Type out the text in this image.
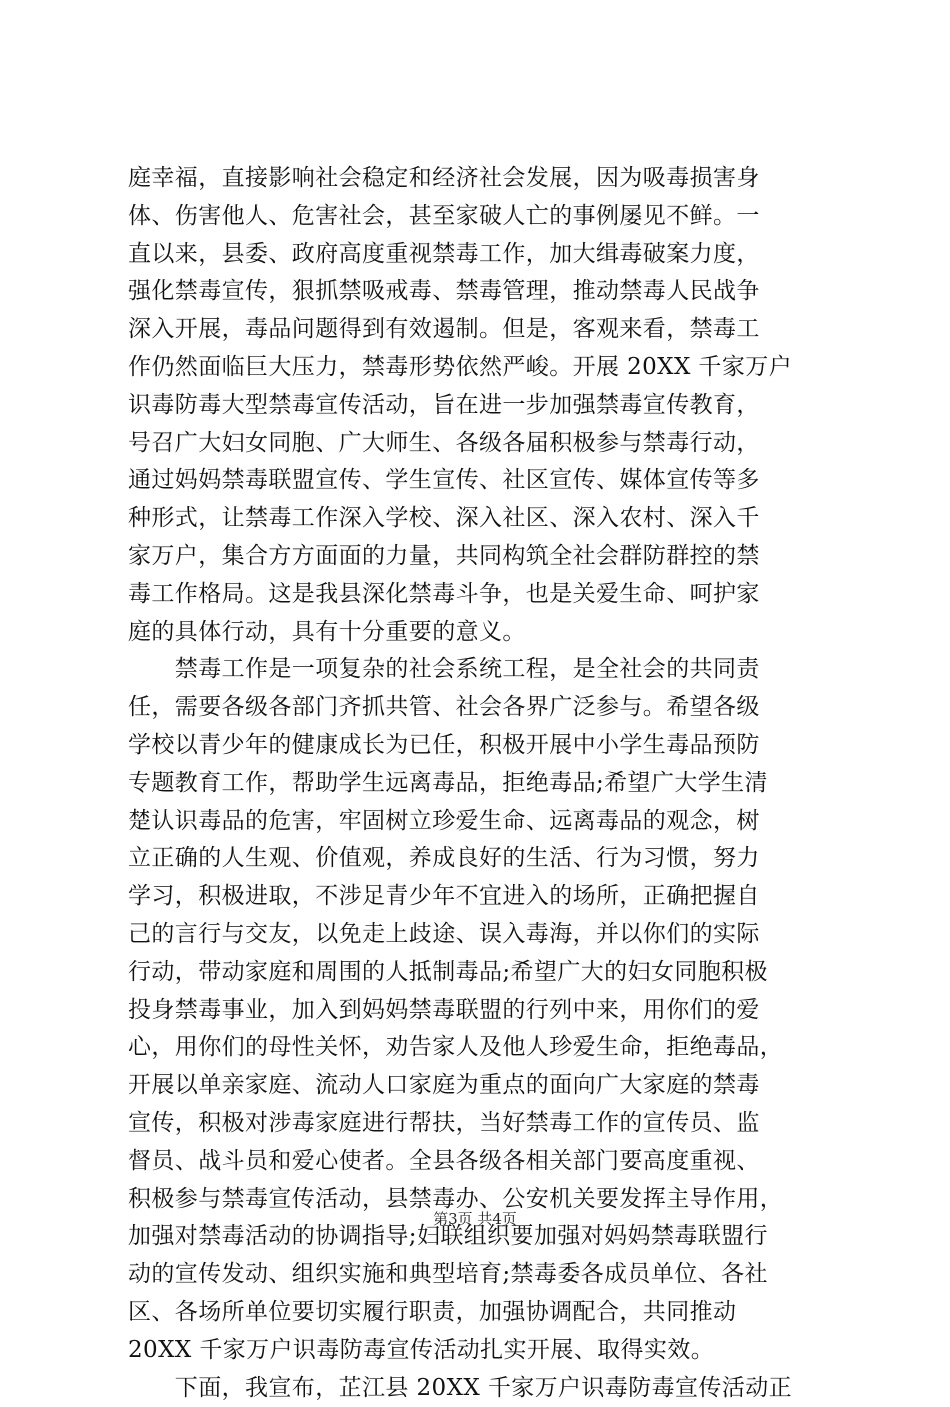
庭幸福，直接影响社会稳定和经济社会发展，因为吸毒损害身
体、伤害他人、危害社会，甚至家破人亡的事例屡见不鲜。一
直以来，县委、政府高度重视禁毒工作，加大缉毒破案力度，
强化禁毒宣传，狠抓禁吸戒毒、禁毒管理，推动禁毒人民战争
深入开展，毒品问题得到有效遏制。但是，客观来看，禁毒工
作仍然面临巨大压力，禁毒形势依然严峻。开展 20XX 千家万户
识毒防毒大型禁毒宣传活动，旨在进一步加强禁毒宣传教育，
号召广大妇女同胞、广大师生、各级各届积极参与禁毒行动，
通过妈妈禁毒联盟宣传、学生宣传、社区宣传、媒体宣传等多
种形式，让禁毒工作深入学校、深入社区、深入农村、深入千
家万户，集合方方面面的力量，共同构筑全社会群防群控的禁
毒工作格局。这是我县深化禁毒斗争，也是关爱生命、呵护家
庭的具体行动，具有十分重要的意义。
　　禁毒工作是一项复杂的社会系统工程，是全社会的共同责
任，需要各级各部门齐抓共管、社会各界广泛参与。希望各级
学校以青少年的健康成长为已任，积极开展中小学生毒品预防
专题教育工作，帮助学生远离毒品，拒绝毒品;希望广大学生清
楚认识毒品的危害，牢固树立珍爱生命、远离毒品的观念，树
立正确的人生观、价值观，养成良好的生活、行为习惯，努力
学习，积极进取，不涉足青少年不宜进入的场所，正确把握自
己的言行与交友，以免走上歧途、误入毒海，并以你们的实际
行动，带动家庭和周围的人抵制毒品;希望广大的妇女同胞积极
投身禁毒事业，加入到妈妈禁毒联盟的行列中来，用你们的爱
心，用你们的母性关怀，劝告家人及他人珍爱生命，拒绝毒品，
开展以单亲家庭、流动人口家庭为重点的面向广大家庭的禁毒
宣传，积极对涉毒家庭进行帮扶，当好禁毒工作的宣传员、监
督员、战斗员和爱心使者。全县各级各相关部门要高度重视、
积极参与禁毒宣传活动，县禁毒办、公安机关要发挥主导作用，
加强对禁毒活动的协调指导;妇联组织要加强对妈妈禁毒联盟行
动的宣传发动、组织实施和典型培育;禁毒委各成员单位、各社
区、各场所单位要切实履行职责，加强协调配合，共同推动
20XX 千家万户识毒防毒宣传活动扎实开展、取得实效。
　　下面，我宣布，芷江县 20XX 千家万户识毒防毒宣传活动正
第3页 共4页
